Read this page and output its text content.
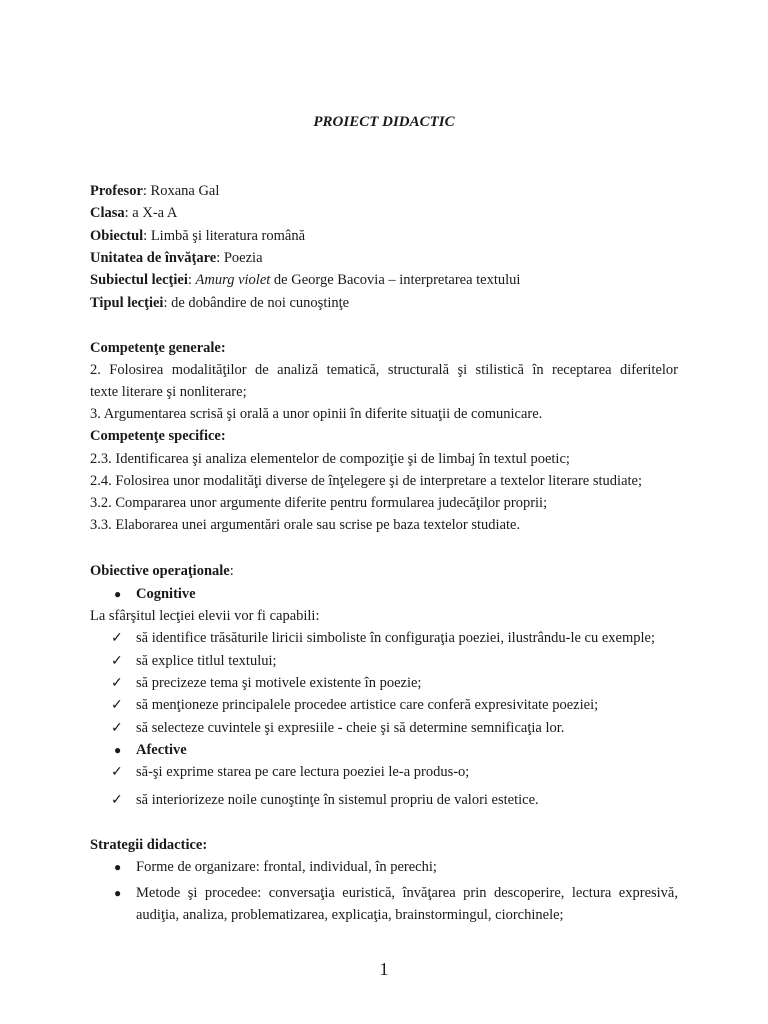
PROIECT DIDACTIC
Profesor: Roxana Gal
Clasa: a X-a A
Obiectul: Limbă şi literatura română
Unitatea de învăţare: Poezia
Subiectul lecţiei: Amurg violet de George Bacovia – interpretarea textului
Tipul lecţiei: de dobândire de noi cunoştinţe
Competenţe generale:
2. Folosirea modalităţilor de analiză tematică, structurală şi stilistică în receptarea diferitelor
texte literare şi nonliterare;
3. Argumentarea scrisă şi orală a unor opinii în diferite situaţii de comunicare.
Competenţe specifice:
2.3. Identificarea şi analiza elementelor de compoziţie şi de limbaj în textul poetic;
2.4. Folosirea unor modalităţi diverse de înţelegere şi de interpretare a textelor literare studiate;
3.2. Compararea unor argumente diferite pentru formularea judecăţilor proprii;
3.3. Elaborarea unei argumentări orale sau scrise pe baza textelor studiate.
Obiective operaţionale:
● Cognitive
La sfârşitul lecţiei elevii vor fi capabili:
✓ să identifice trăsăturile liricii simboliste în configuraţia poeziei, ilustrându-le cu exemple;
✓ să explice titlul textului;
✓ să precizeze tema şi motivele existente în poezie;
✓ să menţioneze principalele procedee artistice care conferă expresivitate poeziei;
✓ să selecteze cuvintele şi expresiile - cheie şi să determine semnificaţia lor.
● Afective
✓ să-şi exprime starea pe care lectura poeziei le-a produs-o;
✓ să interiorizeze noile cunoştinţe în sistemul propriu de valori estetice.
Strategii didactice:
● Forme de organizare: frontal, individual, în perechi;
● Metode şi procedee: conversaţia euristică, învăţarea prin descoperire, lectura expresivă,
audiţia, analiza, problematizarea, explicaţia, brainstormingul, ciorchinele;
1
